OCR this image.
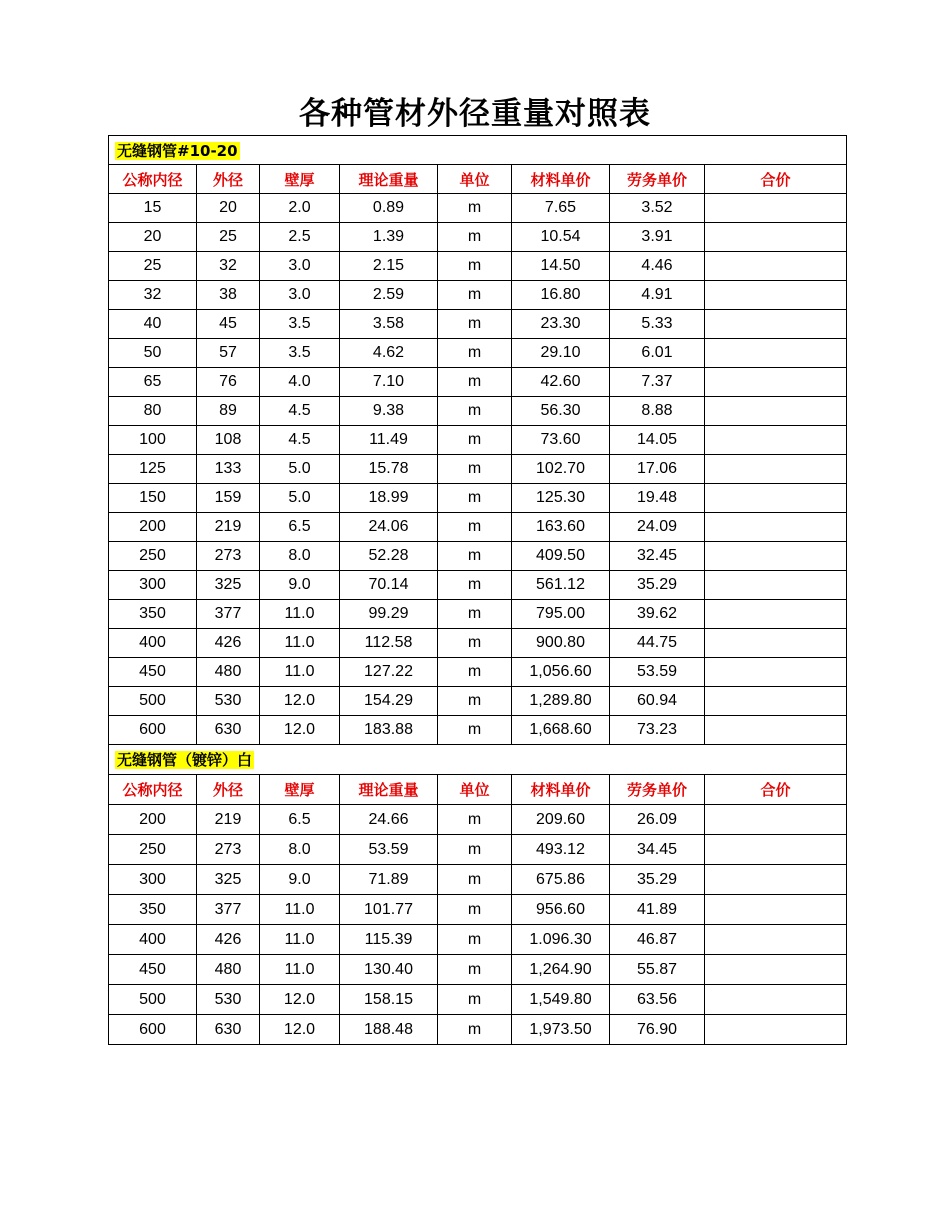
各种管材外径重量对照表
无缝钢管#10-20							
公称内径	外径	壁厚	理论重量	单位	材料单价	劳务单价	合价
15	20	2.0	0.89	m	7.65	3.52	
20	25	2.5	1.39	m	10.54	3.91	
25	32	3.0	2.15	m	14.50	4.46	
32	38	3.0	2.59	m	16.80	4.91	
40	45	3.5	3.58	m	23.30	5.33	
50	57	3.5	4.62	m	29.10	6.01	
65	76	4.0	7.10	m	42.60	7.37	
80	89	4.5	9.38	m	56.30	8.88	
100	108	4.5	11.49	m	73.60	14.05	
125	133	5.0	15.78	m	102.70	17.06	
150	159	5.0	18.99	m	125.30	19.48	
200	219	6.5	24.06	m	163.60	24.09	
250	273	8.0	52.28	m	409.50	32.45	
300	325	9.0	70.14	m	561.12	35.29	
350	377	11.0	99.29	m	795.00	39.62	
400	426	11.0	112.58	m	900.80	44.75	
450	480	11.0	127.22	m	1,056.60	53.59	
500	530	12.0	154.29	m	1,289.80	60.94	
600	630	12.0	183.88	m	1,668.60	73.23	
无缝钢管（镀锌）白							
公称内径	外径	壁厚	理论重量	单位	材料单价	劳务单价	合价
200	219	6.5	24.66	m	209.60	26.09	
250	273	8.0	53.59	m	493.12	34.45	
300	325	9.0	71.89	m	675.86	35.29	
350	377	11.0	101.77	m	956.60	41.89	
400	426	11.0	115.39	m	1.096.30	46.87	
450	480	11.0	130.40	m	1,264.90	55.87	
500	530	12.0	158.15	m	1,549.80	63.56	
600	630	12.0	188.48	m	1,973.50	76.90	
